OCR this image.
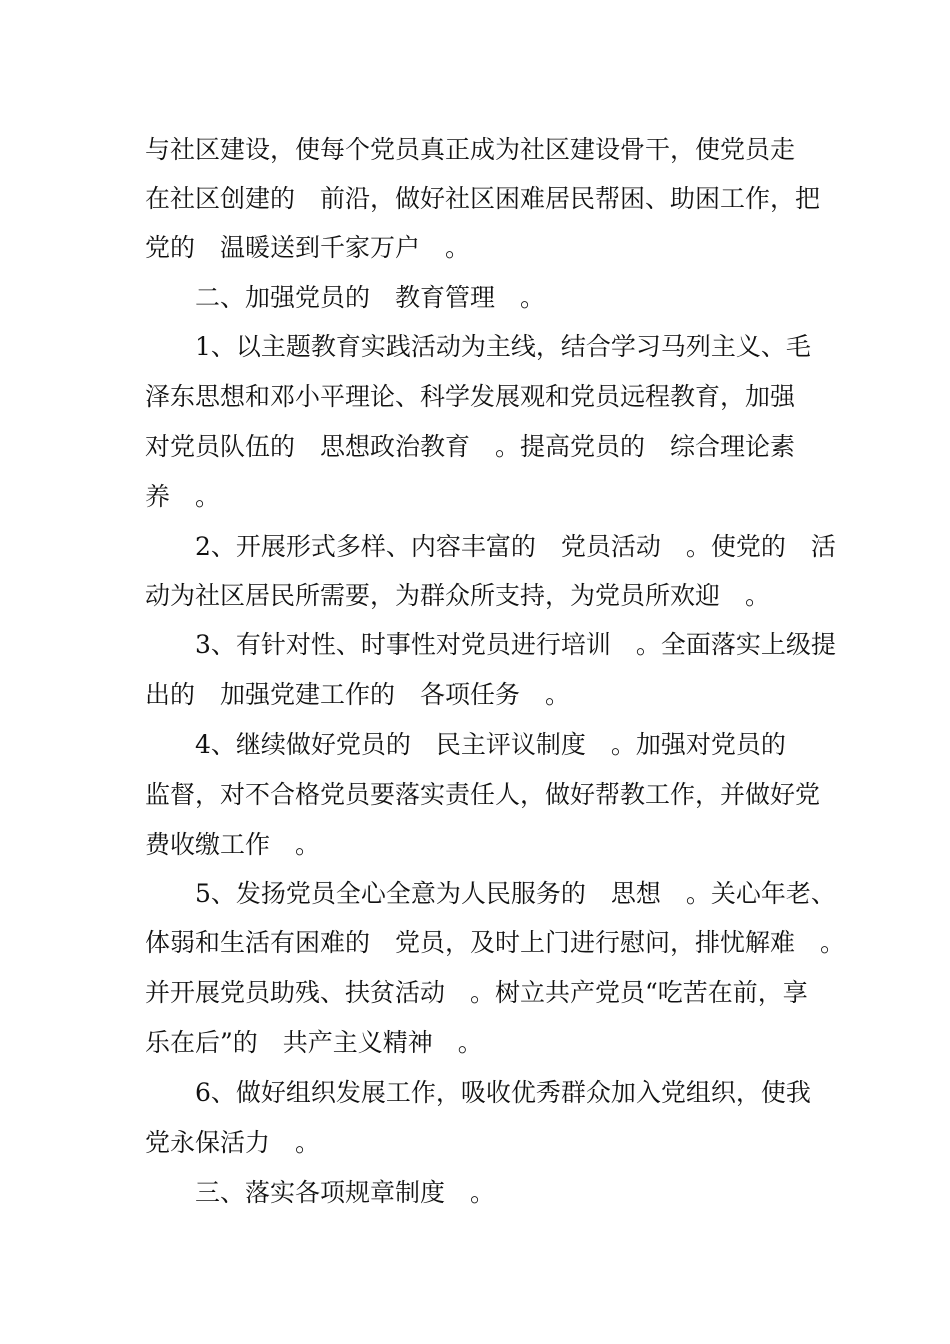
与社区建设，使每个党员真正成为社区建设骨干，使党员走
在社区创建的　前沿，做好社区困难居民帮困、助困工作，把
党的　温暖送到千家万户　。
二、加强党员的　教育管理　。
1、以主题教育实践活动为主线，结合学习马列主义、毛
泽东思想和邓小平理论、科学发展观和党员远程教育，加强
对党员队伍的　思想政治教育　。提高党员的　综合理论素
养　。
2、开展形式多样、内容丰富的　党员活动　。使党的　活
动为社区居民所需要，为群众所支持，为党员所欢迎　。
3、有针对性、时事性对党员进行培训　。全面落实上级提
出的　加强党建工作的　各项任务　。
4、继续做好党员的　民主评议制度　。加强对党员的
监督，对不合格党员要落实责任人，做好帮教工作，并做好党
费收缴工作　。
5、发扬党员全心全意为人民服务的　思想　。关心年老、
体弱和生活有困难的　党员，及时上门进行慰问，排忧解难　。
并开展党员助残、扶贫活动　。树立共产党员“吃苦在前，享
乐在后”的　共产主义精神　。
6、做好组织发展工作，吸收优秀群众加入党组织，使我
党永保活力　。
三、落实各项规章制度　。
